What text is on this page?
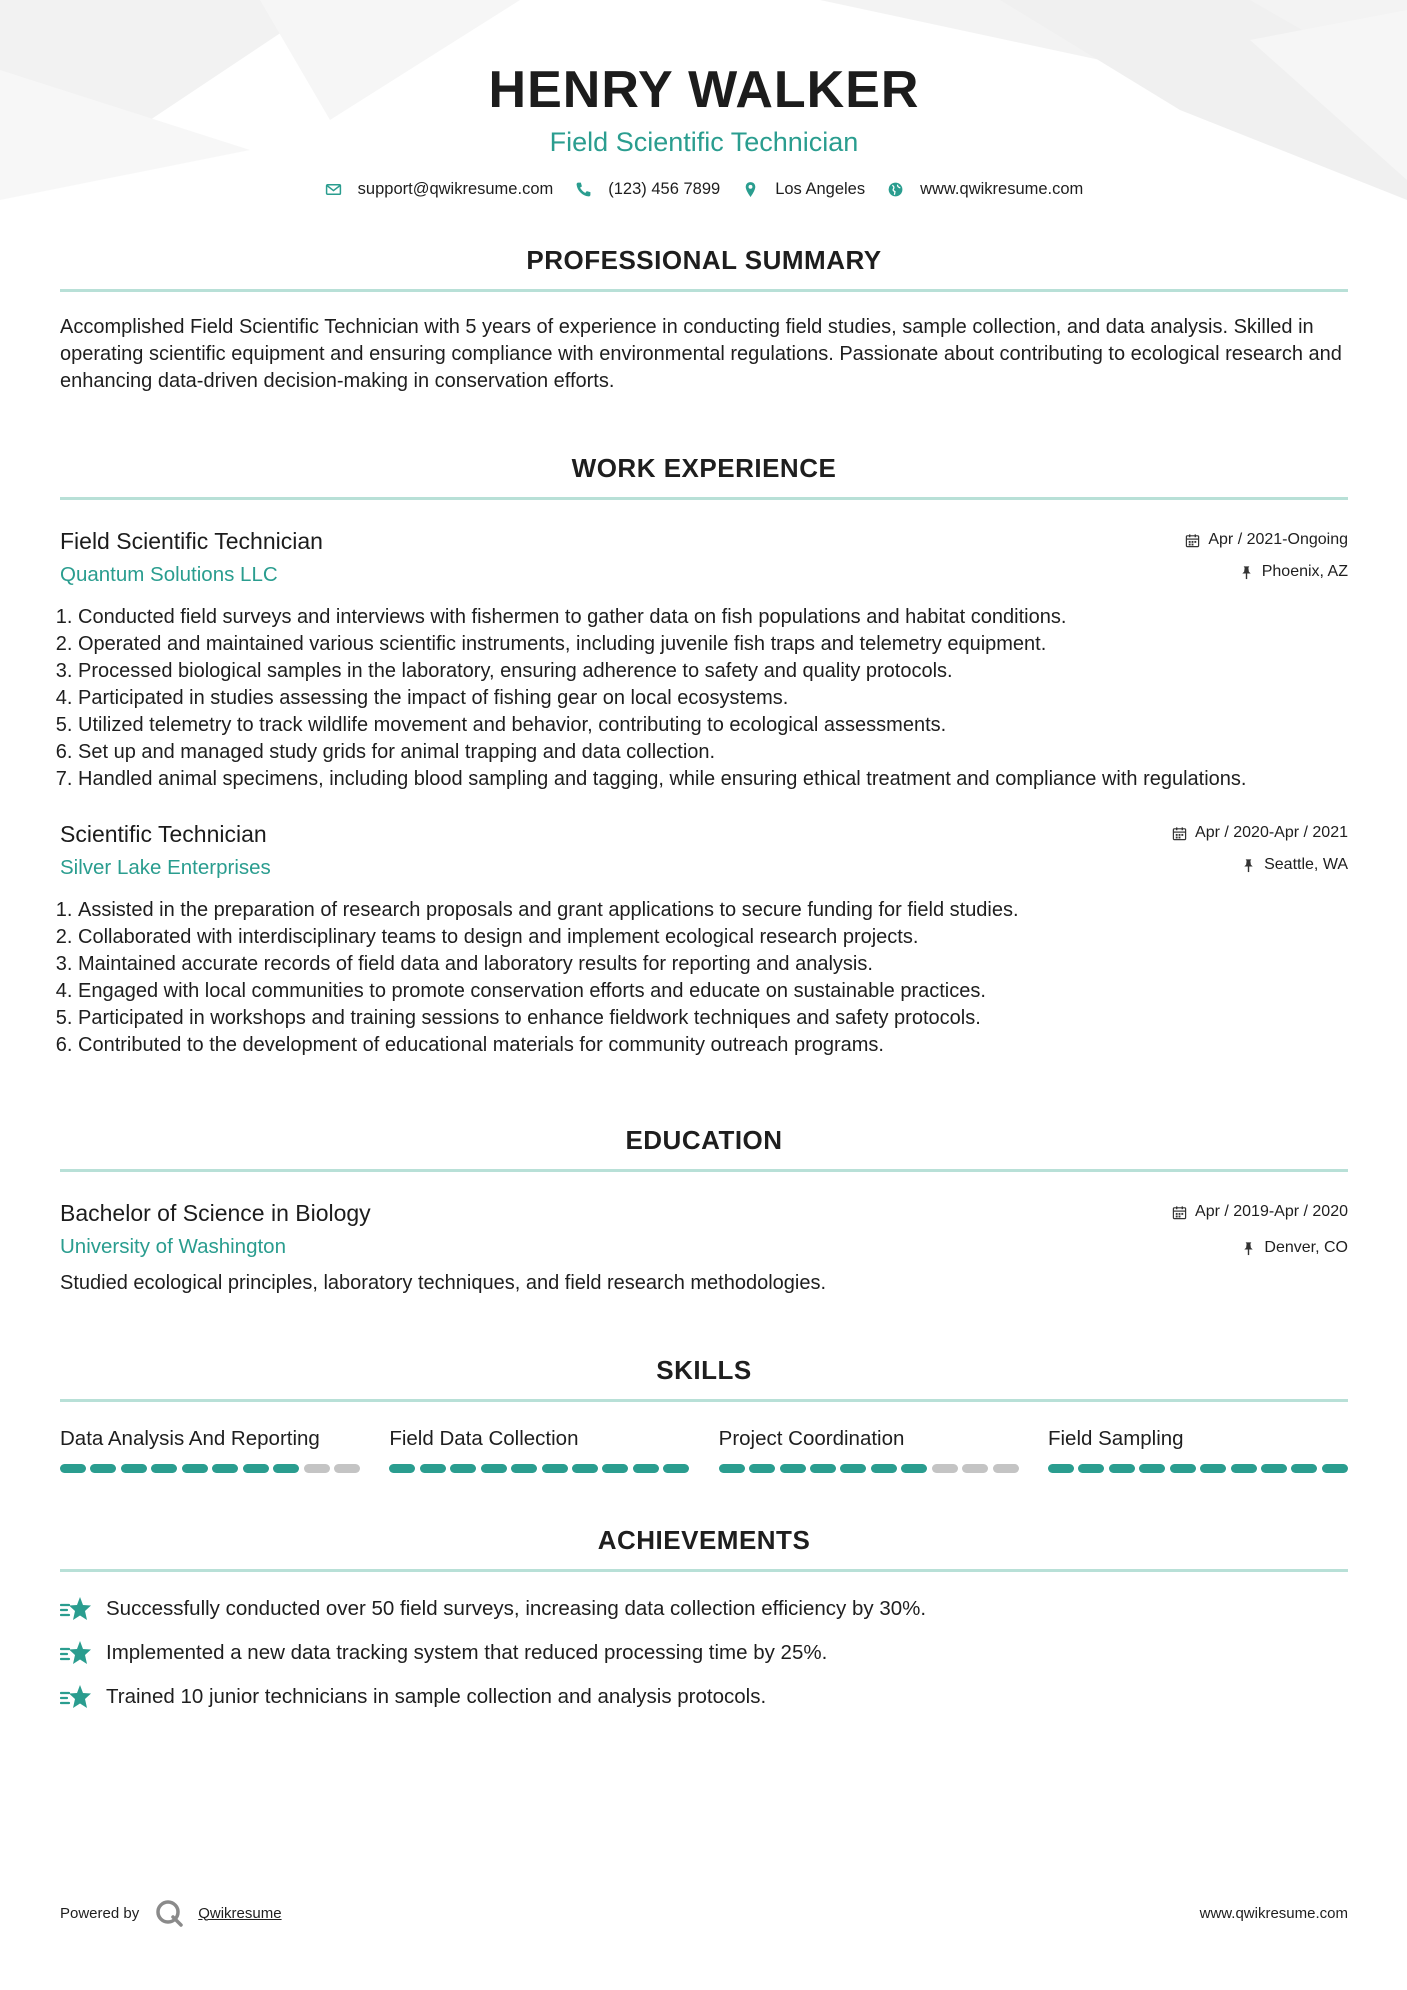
HENRY WALKER
Field Scientific Technician
support@qwikresume.com	(123) 456 7899	Los Angeles	www.qwikresume.com
PROFESSIONAL SUMMARY
Accomplished Field Scientific Technician with 5 years of experience in conducting field studies, sample collection, and data analysis. Skilled in operating scientific equipment and ensuring compliance with environmental regulations. Passionate about contributing to ecological research and enhancing data-driven decision-making in conservation efforts.
WORK EXPERIENCE
Field Scientific Technician
Quantum Solutions LLC
Apr / 2021-Ongoing
Phoenix, AZ
1. Conducted field surveys and interviews with fishermen to gather data on fish populations and habitat conditions.
2. Operated and maintained various scientific instruments, including juvenile fish traps and telemetry equipment.
3. Processed biological samples in the laboratory, ensuring adherence to safety and quality protocols.
4. Participated in studies assessing the impact of fishing gear on local ecosystems.
5. Utilized telemetry to track wildlife movement and behavior, contributing to ecological assessments.
6. Set up and managed study grids for animal trapping and data collection.
7. Handled animal specimens, including blood sampling and tagging, while ensuring ethical treatment and compliance with regulations.
Scientific Technician
Silver Lake Enterprises
Apr / 2020-Apr / 2021
Seattle, WA
1. Assisted in the preparation of research proposals and grant applications to secure funding for field studies.
2. Collaborated with interdisciplinary teams to design and implement ecological research projects.
3. Maintained accurate records of field data and laboratory results for reporting and analysis.
4. Engaged with local communities to promote conservation efforts and educate on sustainable practices.
5. Participated in workshops and training sessions to enhance fieldwork techniques and safety protocols.
6. Contributed to the development of educational materials for community outreach programs.
EDUCATION
Bachelor of Science in Biology
University of Washington
Apr / 2019-Apr / 2020
Denver, CO
Studied ecological principles, laboratory techniques, and field research methodologies.
SKILLS
Data Analysis And Reporting	Field Data Collection	Project Coordination	Field Sampling
ACHIEVEMENTS
Successfully conducted over 50 field surveys, increasing data collection efficiency by 30%.
Implemented a new data tracking system that reduced processing time by 25%.
Trained 10 junior technicians in sample collection and analysis protocols.
Powered by	Qwikresume	www.qwikresume.com
